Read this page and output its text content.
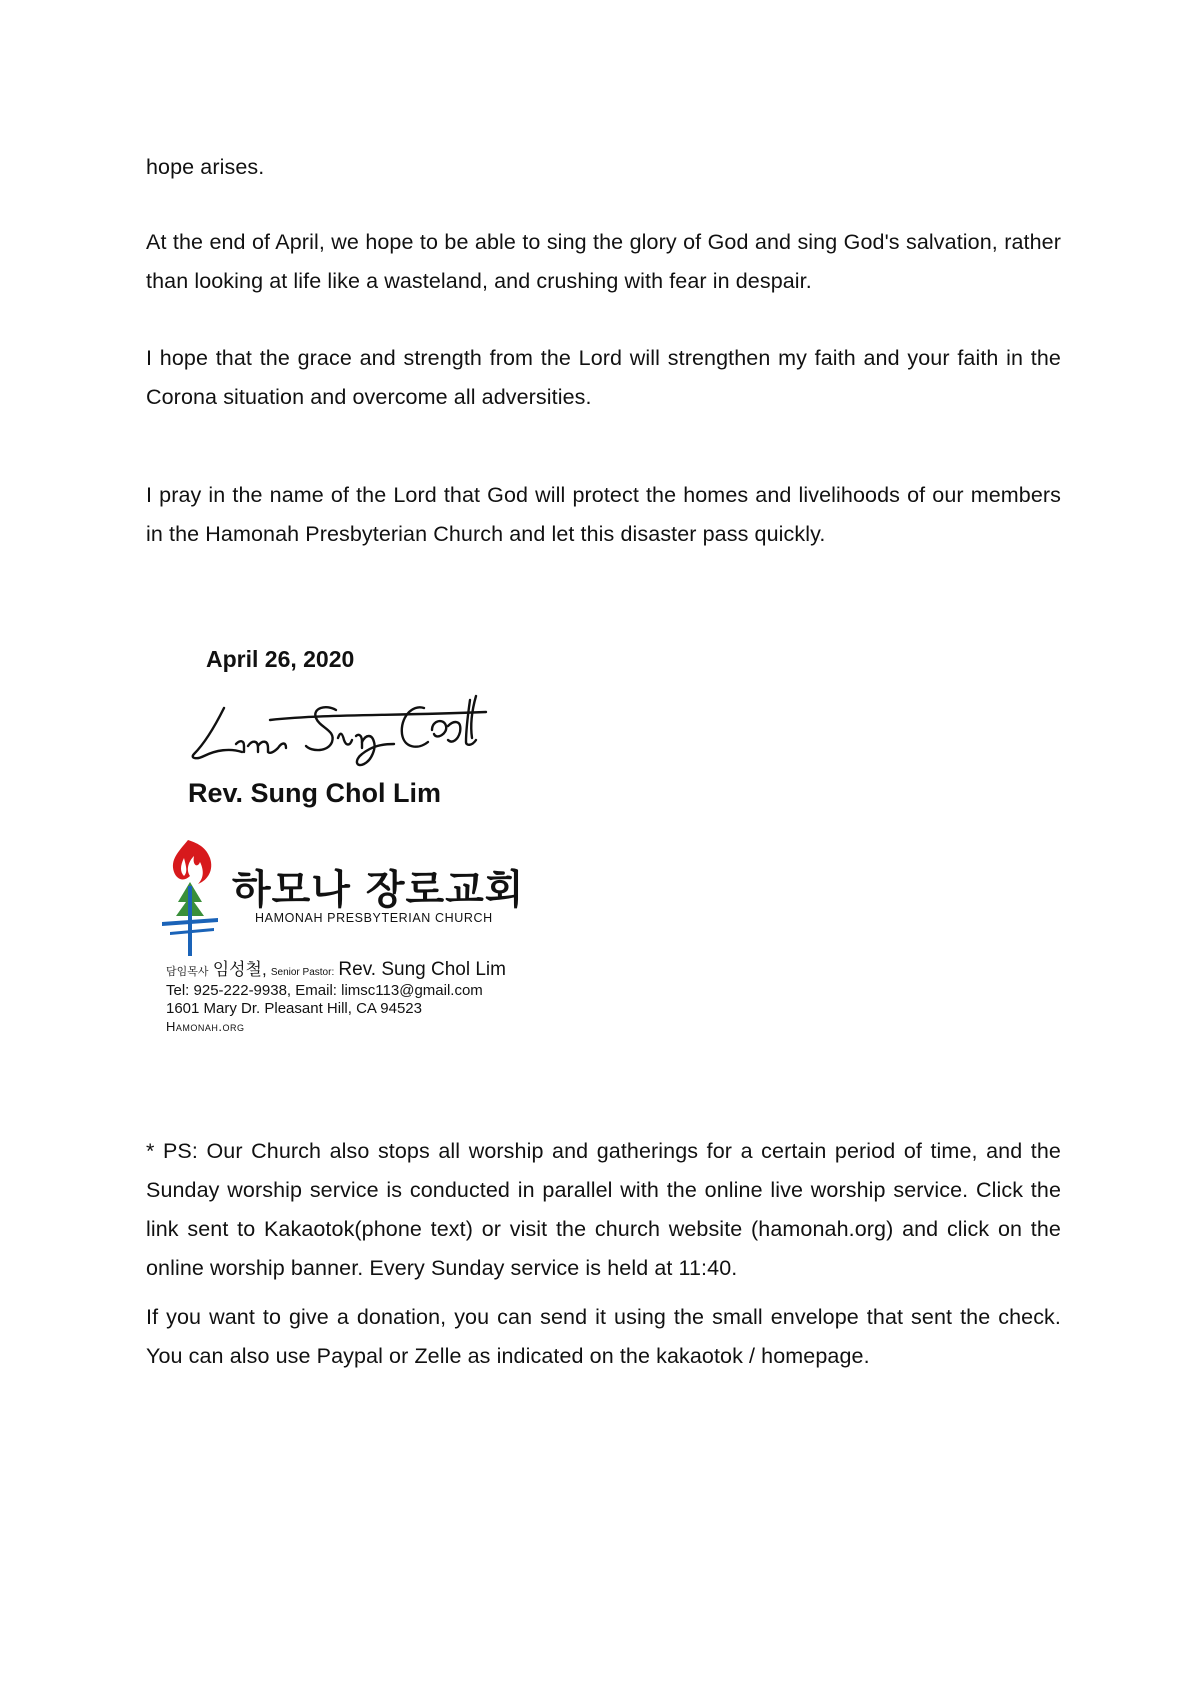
hope arises.

At the end of April, we hope to be able to sing the glory of God and sing God's salvation, rather than looking at life like a wasteland, and crushing with fear in despair.

I hope that the grace and strength from the Lord will strengthen my faith and your faith in the Corona situation and overcome all adversities.

I pray in the name of the Lord that God will protect the homes and livelihoods of our members in the Hamonah Presbyterian Church and let this disaster pass quickly.

April 26, 2020

Rev. Sung Chol Lim

하모나 장로교회

HAMONAH PRESBYTERIAN CHURCH

담임목사 임성철, Senior Pastor: Rev. Sung Chol Lim
Tel: 925-222-9938, Email: limsc113@gmail.com
1601 Mary Dr. Pleasant Hill, CA 94523
Hamonah.org

* PS: Our Church also stops all worship and gatherings for a certain period of time, and the Sunday worship service is conducted in parallel with the online live worship service. Click the link sent to Kakaotok(phone text) or visit the church website (hamonah.org) and click on the online worship banner. Every Sunday service is held at 11:40.

If you want to give a donation, you can send it using the small envelope that sent the check. You can also use Paypal or Zelle as indicated on the kakaotok / homepage.
